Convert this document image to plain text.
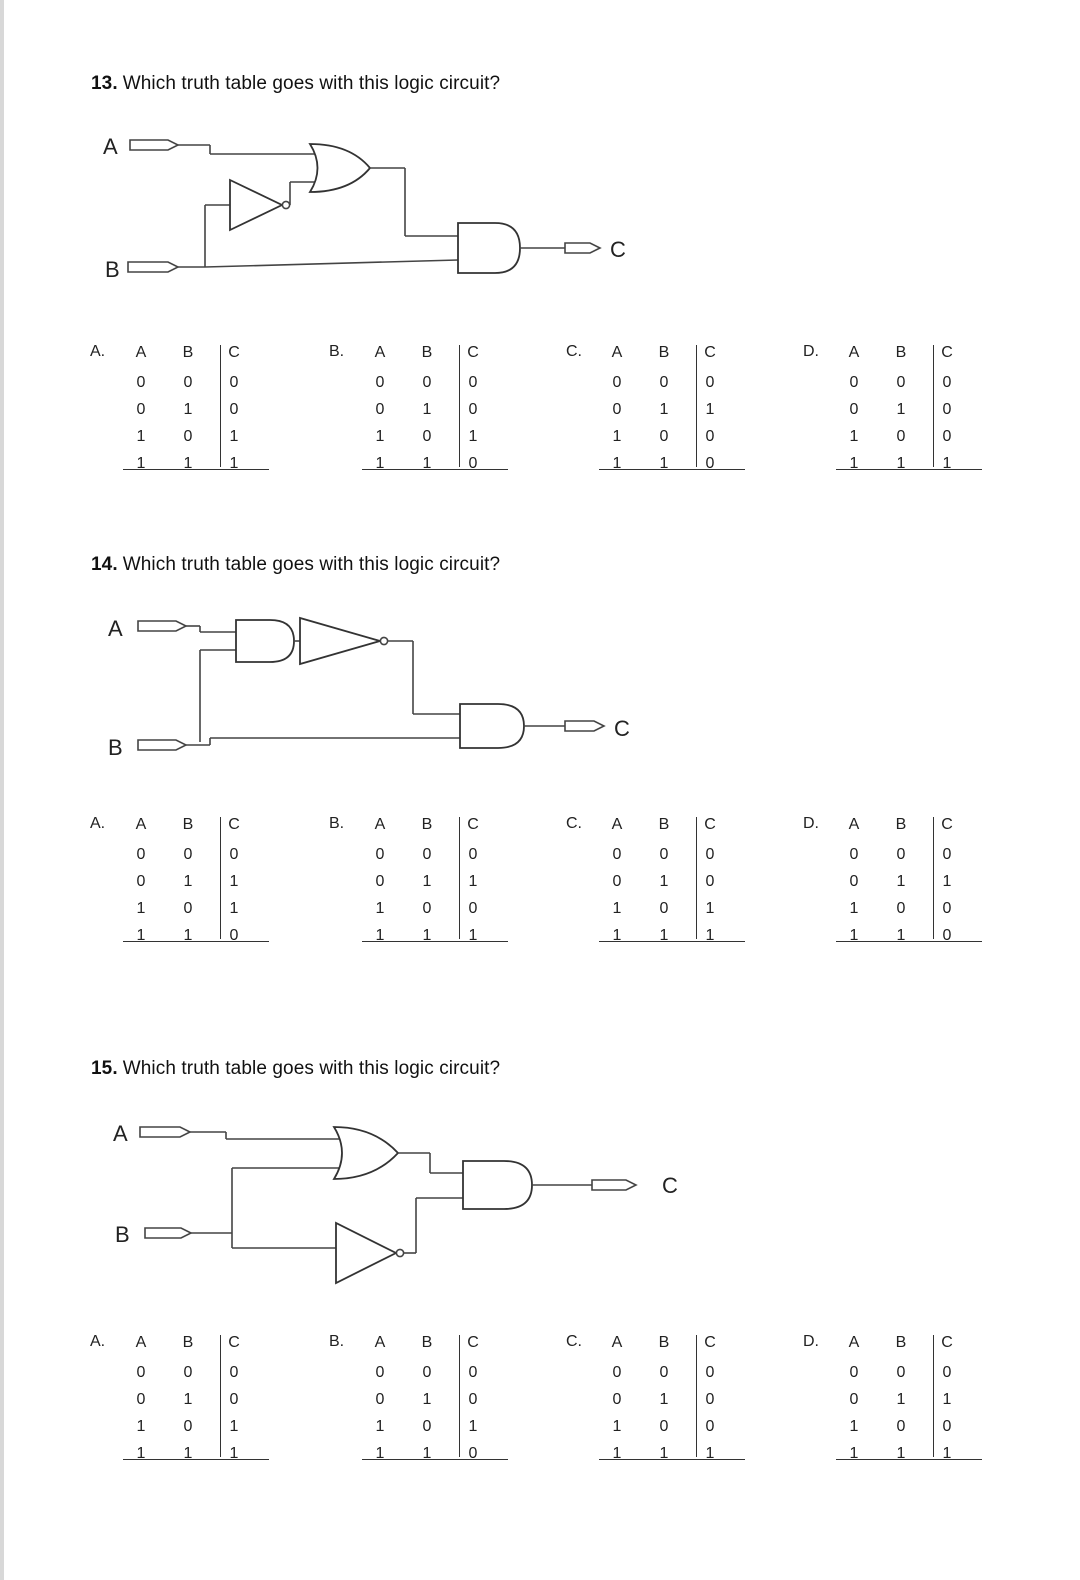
13. Which truth table goes with this logic circuit?
A
B
C
A.	A	B	C
0	0	0
0	1	0
1	0	1
1	1	1
B.	A	B	C
0	0	0
0	1	0
1	0	1
1	1	0
C.	A	B	C
0	0	0
0	1	1
1	0	0
1	1	0
D.	A	B	C
0	0	0
0	1	0
1	0	0
1	1	1
14. Which truth table goes with this logic circuit?
A
B
C
A.	A	B	C
0	0	0
0	1	1
1	0	1
1	1	0
B.	A	B	C
0	0	0
0	1	1
1	0	0
1	1	1
C.	A	B	C
0	0	0
0	1	0
1	0	1
1	1	1
D.	A	B	C
0	0	0
0	1	1
1	0	0
1	1	0
15. Which truth table goes with this logic circuit?
A
B
C
A.	A	B	C
0	0	0
0	1	0
1	0	1
1	1	1
B.	A	B	C
0	0	0
0	1	0
1	0	1
1	1	0
C.	A	B	C
0	0	0
0	1	0
1	0	0
1	1	1
D.	A	B	C
0	0	0
0	1	1
1	0	0
1	1	1
